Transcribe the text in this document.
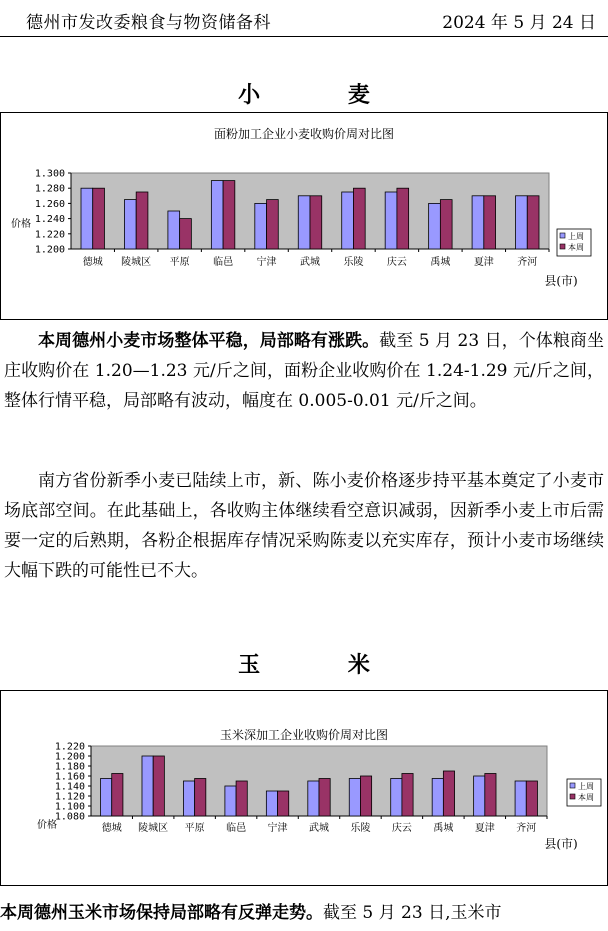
德州市发改委粮食与物资储备科	2024 年 5 月 24 日
小 麦
面粉加工企业小麦收购价周对比图
1.300
1.280
1.260
1.240
1.220
1.200
价格
德城 陵城区 平原 临邑 宁津 武城 乐陵 庆云 禹城 夏津 齐河
上周
本周
县(市)
本周德州小麦市场整体平稳，局部略有涨跌。截至 5 月 23 日，个体粮商坐庄收购价在 1.20—1.23 元/斤之间，面粉企业收购价在 1.24-1.29 元/斤之间，整体行情平稳，局部略有波动，幅度在 0.005-0.01 元/斤之间。
南方省份新季小麦已陆续上市，新、陈小麦价格逐步持平基本奠定了小麦市场底部空间。在此基础上，各收购主体继续看空意识减弱，因新季小麦上市后需要一定的后熟期，各粉企根据库存情况采购陈麦以充实库存，预计小麦市场继续大幅下跌的可能性已不大。
玉 米
玉米深加工企业收购价周对比图
1.220
1.200
1.180
1.160
1.140
1.120
1.100
1.080
价格	德城 陵城区 平原 临邑 宁津 武城 乐陵 庆云 禹城 夏津 齐河
上周
本周
县(市)
本周德州玉米市场保持局部略有反弹走势。截至 5 月 23 日,玉米市
